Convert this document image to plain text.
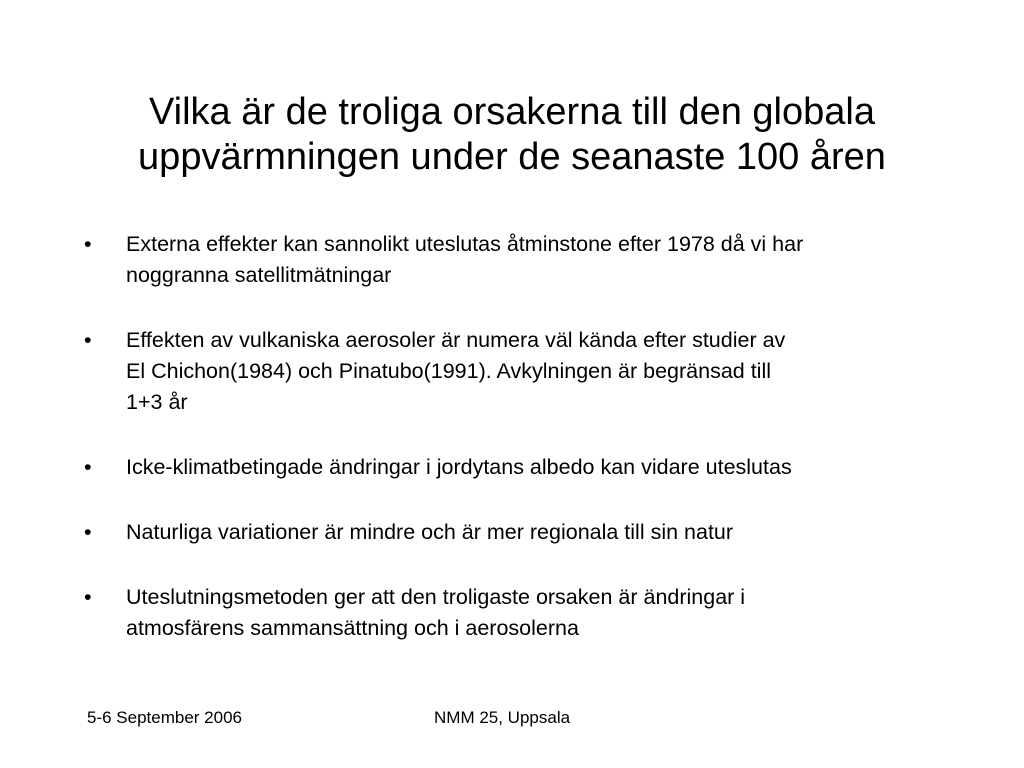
Vilka är de troliga orsakerna till den globala
uppvärmningen under de seanaste 100 åren
•	Externa effekter kan sannolikt uteslutas åtminstone efter 1978 då vi har
noggranna satellitmätningar
•	Effekten av vulkaniska aerosoler är numera väl kända efter studier av
El Chichon(1984) och Pinatubo(1991). Avkylningen är begränsad till
1+3 år
•	Icke-klimatbetingade ändringar i jordytans albedo kan vidare uteslutas
•	Naturliga variationer är mindre och är mer regionala till sin natur
•	Uteslutningsmetoden ger att den troligaste orsaken är ändringar i
atmosfärens sammansättning och i aerosolerna
5-6 September 2006	NMM 25, Uppsala
